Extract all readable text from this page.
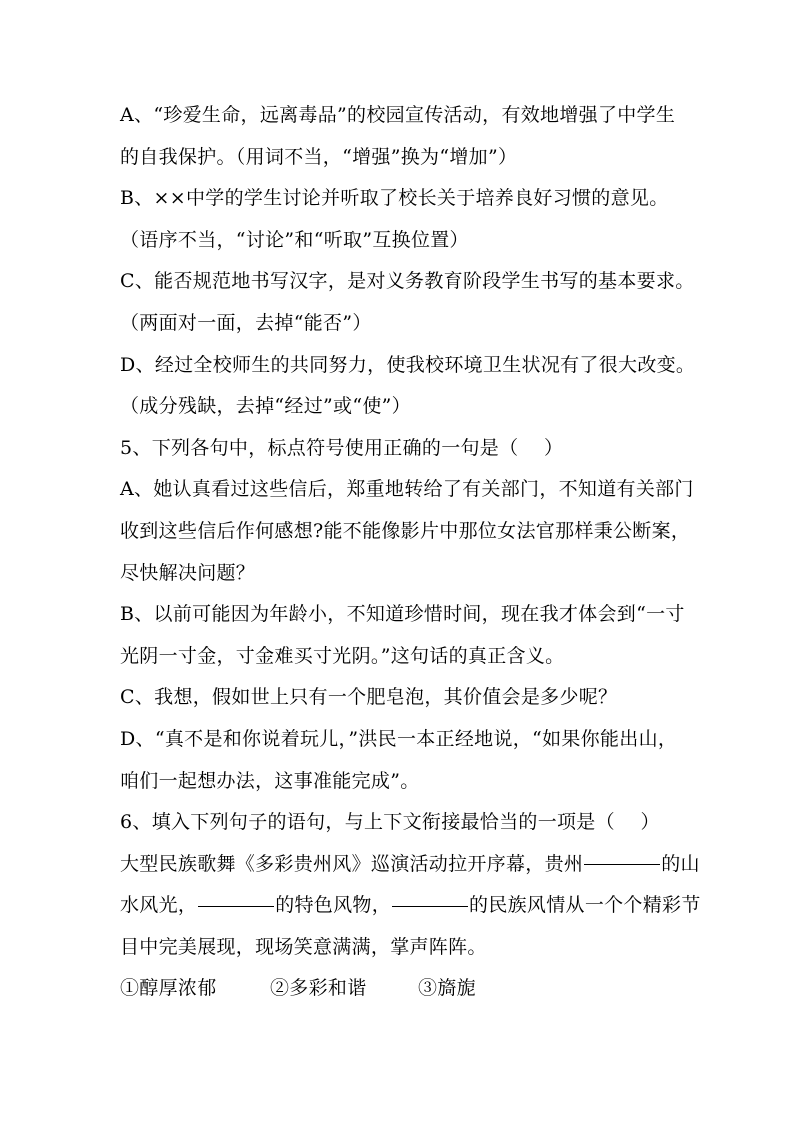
A、“珍爱生命，远离毒品”的校园宣传活动，有效地增强了中学生
的自我保护。（用词不当，“增强”换为“增加”）
B、××中学的学生讨论并听取了校长关于培养良好习惯的意见。
（语序不当，“讨论”和“听取”互换位置）
C、能否规范地书写汉字，是对义务教育阶段学生书写的基本要求。
（两面对一面，去掉“能否”）
D、经过全校师生的共同努力，使我校环境卫生状况有了很大改变。
（成分残缺，去掉“经过”或“使”）
5、下列各句中，标点符号使用正确的一句是（　 ）
A、她认真看过这些信后，郑重地转给了有关部门，不知道有关部门
收到这些信后作何感想?能不能像影片中那位女法官那样秉公断案，
尽快解决问题？
B、以前可能因为年龄小，不知道珍惜时间，现在我才体会到“一寸
光阴一寸金，寸金难买寸光阴。”这句话的真正含义。
C、我想，假如世上只有一个肥皂泡，其价值会是多少呢？
D、“真不是和你说着玩儿，”洪民一本正经地说，“如果你能出山，
咱们一起想办法，这事准能完成”。
6、填入下列句子的语句，与上下文衔接最恰当的一项是（　 ）
大型民族歌舞《多彩贵州风》巡演活动拉开序幕，贵州	的山
水风光，	的特色风物，	的民族风情从一个个精彩节
目中完美展现，现场笑意满满，掌声阵阵。
①醇厚浓郁	②多彩和谐	③旖旎
